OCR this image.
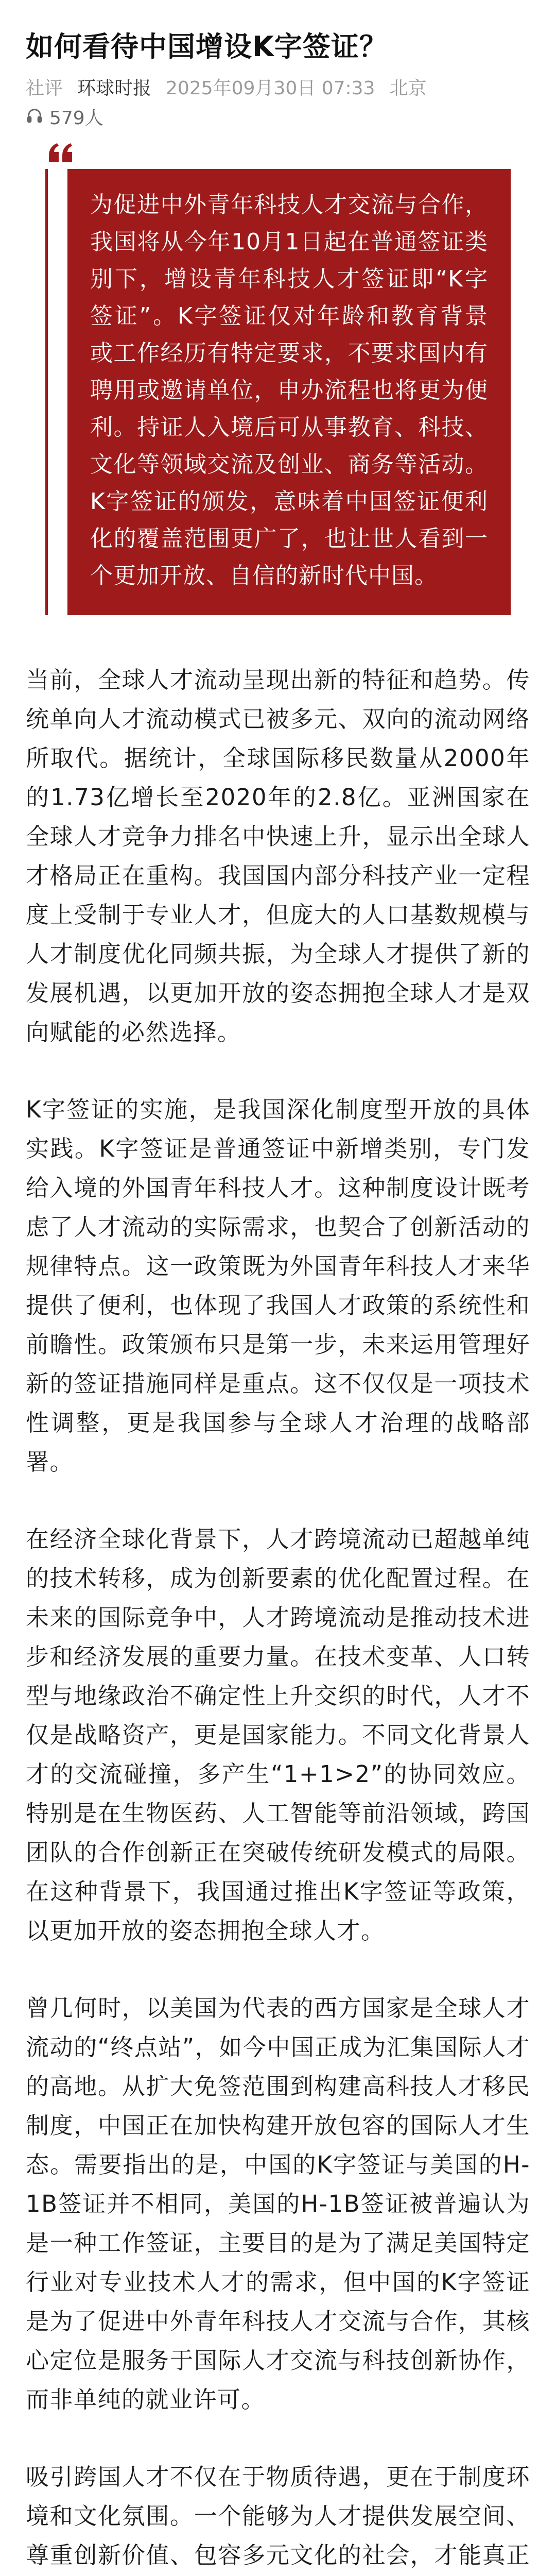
如何看待中国增设K字签证？
社评 环球时报 2025年09月30日 07:33 北京
579人
为促进中外青年科技人才交流与合作，我国将从今年10月1日起在普通签证类别下，增设青年科技人才签证即“K字签证”。K字签证仅对年龄和教育背景或工作经历有特定要求，不要求国内有聘用或邀请单位，申办流程也将更为便利。持证人入境后可从事教育、科技、文化等领域交流及创业、商务等活动。K字签证的颁发，意味着中国签证便利化的覆盖范围更广了，也让世人看到一个更加开放、自信的新时代中国。

当前，全球人才流动呈现出新的特征和趋势。传统单向人才流动模式已被多元、双向的流动网络所取代。据统计，全球国际移民数量从2000年的1.73亿增长至2020年的2.8亿。亚洲国家在全球人才竞争力排名中快速上升，显示出全球人才格局正在重构。我国国内部分科技产业一定程度上受制于专业人才，但庞大的人口基数规模与人才制度优化同频共振，为全球人才提供了新的发展机遇，以更加开放的姿态拥抱全球人才是双向赋能的必然选择。

K字签证的实施，是我国深化制度型开放的具体实践。K字签证是普通签证中新增类别，专门发给入境的外国青年科技人才。这种制度设计既考虑了人才流动的实际需求，也契合了创新活动的规律特点。这一政策既为外国青年科技人才来华提供了便利，也体现了我国人才政策的系统性和前瞻性。政策颁布只是第一步，未来运用管理好新的签证措施同样是重点。这不仅仅是一项技术性调整，更是我国参与全球人才治理的战略部署。

在经济全球化背景下，人才跨境流动已超越单纯的技术转移，成为创新要素的优化配置过程。在未来的国际竞争中，人才跨境流动是推动技术进步和经济发展的重要力量。在技术变革、人口转型与地缘政治不确定性上升交织的时代，人才不仅是战略资产，更是国家能力。不同文化背景人才的交流碰撞，多产生“1+1>2”的协同效应。特别是在生物医药、人工智能等前沿领域，跨国团队的合作创新正在突破传统研发模式的局限。在这种背景下，我国通过推出K字签证等政策，以更加开放的姿态拥抱全球人才。

曾几何时，以美国为代表的西方国家是全球人才流动的“终点站”，如今中国正成为汇集国际人才的高地。从扩大免签范围到构建高科技人才移民制度，中国正在加快构建开放包容的国际人才生态。需要指出的是，中国的K字签证与美国的H-1B签证并不相同，美国的H-1B签证被普遍认为是一种工作签证，主要目的是为了满足美国特定行业对专业技术人才的需求，但中国的K字签证是为了促进中外青年科技人才交流与合作，其核心定位是服务于国际人才交流与科技创新协作，而非单纯的就业许可。

吸引跨国人才不仅在于物质待遇，更在于制度环境和文化氛围。一个能够为人才提供发展空间、尊重创新价值、包容多元文化的社会，才能真正
